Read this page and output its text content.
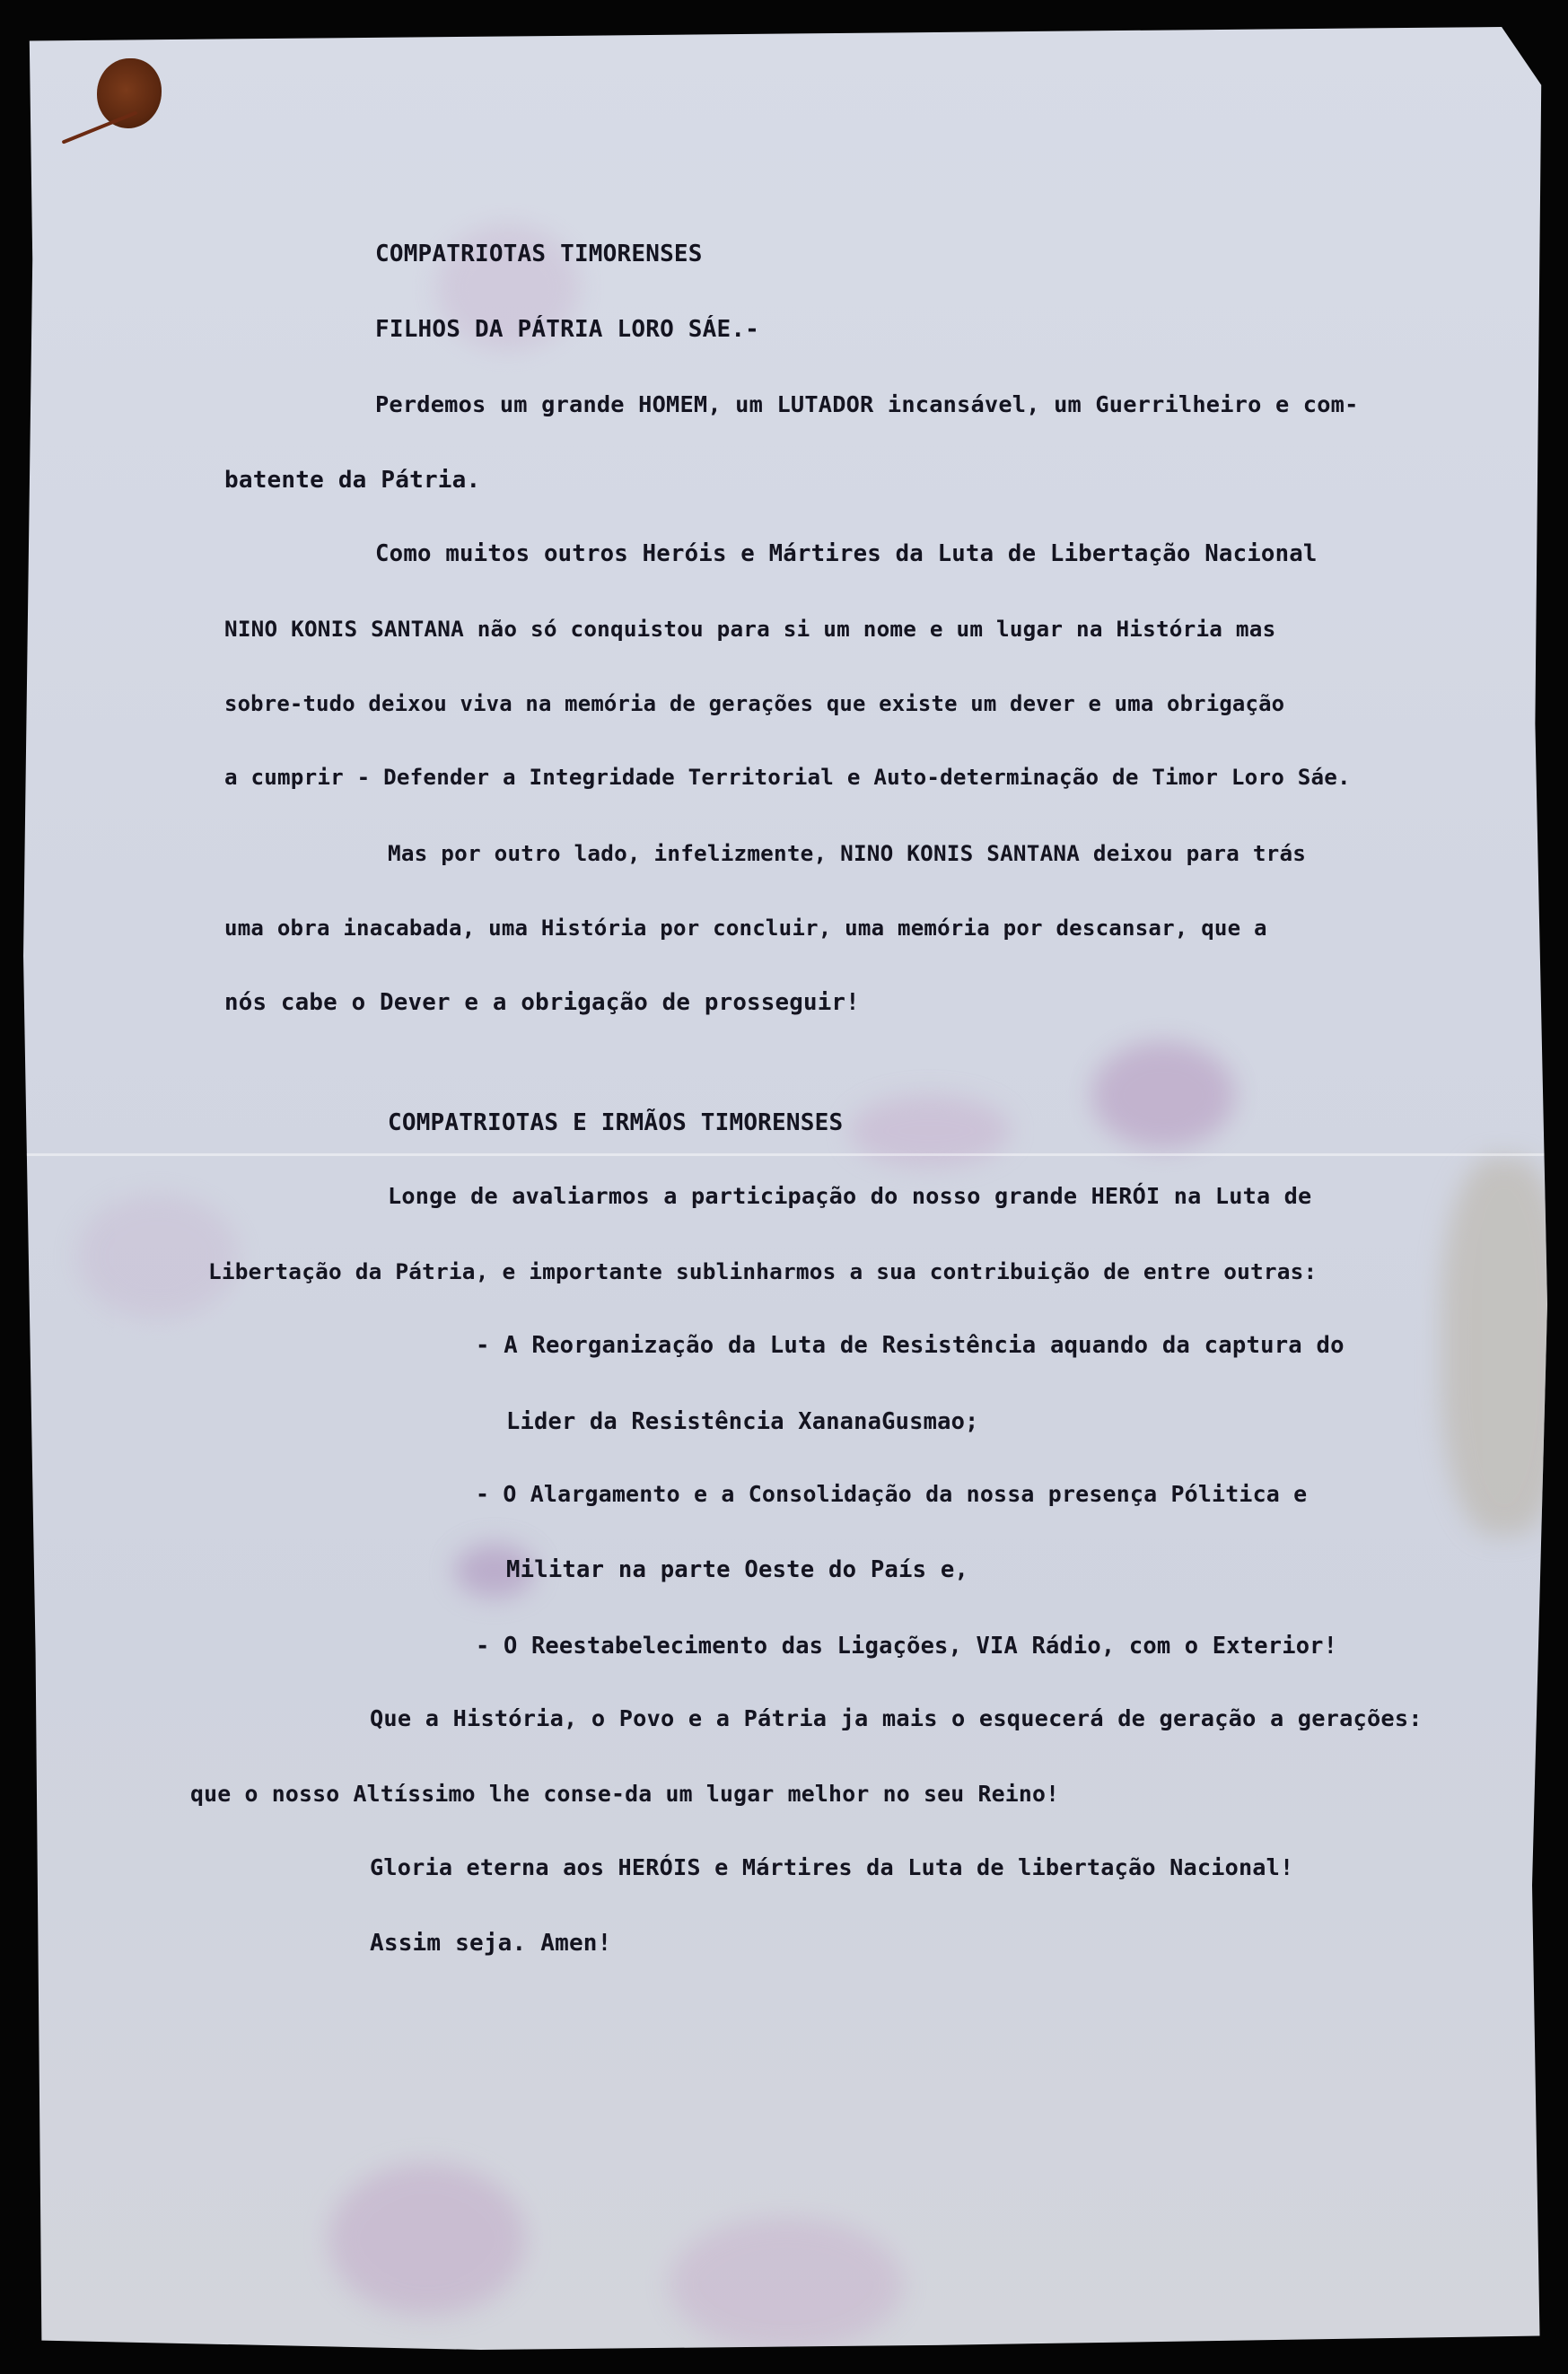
COMPATRIOTAS TIMORENSES
FILHOS DA PÁTRIA LORO SÁE.-
Perdemos um grande HOMEM, um LUTADOR incansável, um Guerrilheiro e com-
batente da Pátria.
Como muitos outros Heróis e Mártires da Luta de Libertação Nacional
NINO KONIS SANTANA não só conquistou para si um nome e um lugar na História mas
sobre-tudo deixou viva na memória de gerações que existe um dever e uma obrigação
a cumprir - Defender a Integridade Territorial e Auto-determinação de Timor Loro Sáe.
Mas por outro lado, infelizmente, NINO KONIS SANTANA deixou para trás
uma obra inacabada, uma História por concluir, uma memória por descansar, que a
nós cabe o Dever e a obrigação de prosseguir!
COMPATRIOTAS E IRMÃOS TIMORENSES
Longe de avaliarmos a participação do nosso grande HERÓI na Luta de
Libertação da Pátria, e importante sublinharmos a sua contribuição de entre outras:
- A Reorganização da Luta de Resistência aquando da captura do
Lider da Resistência XananaGusmao;
- O Alargamento e a Consolidação da nossa presença Pólitica e
Militar na parte Oeste do País e,
- O Reestabelecimento das Ligações, VIA Rádio, com o Exterior!
Que a História, o Povo e a Pátria ja mais o esquecerá de geração a gerações:
que o nosso Altíssimo lhe conse-da um lugar melhor no seu Reino!
Gloria eterna aos HERÓIS e Mártires da Luta de libertação Nacional!
Assim seja. Amen!
